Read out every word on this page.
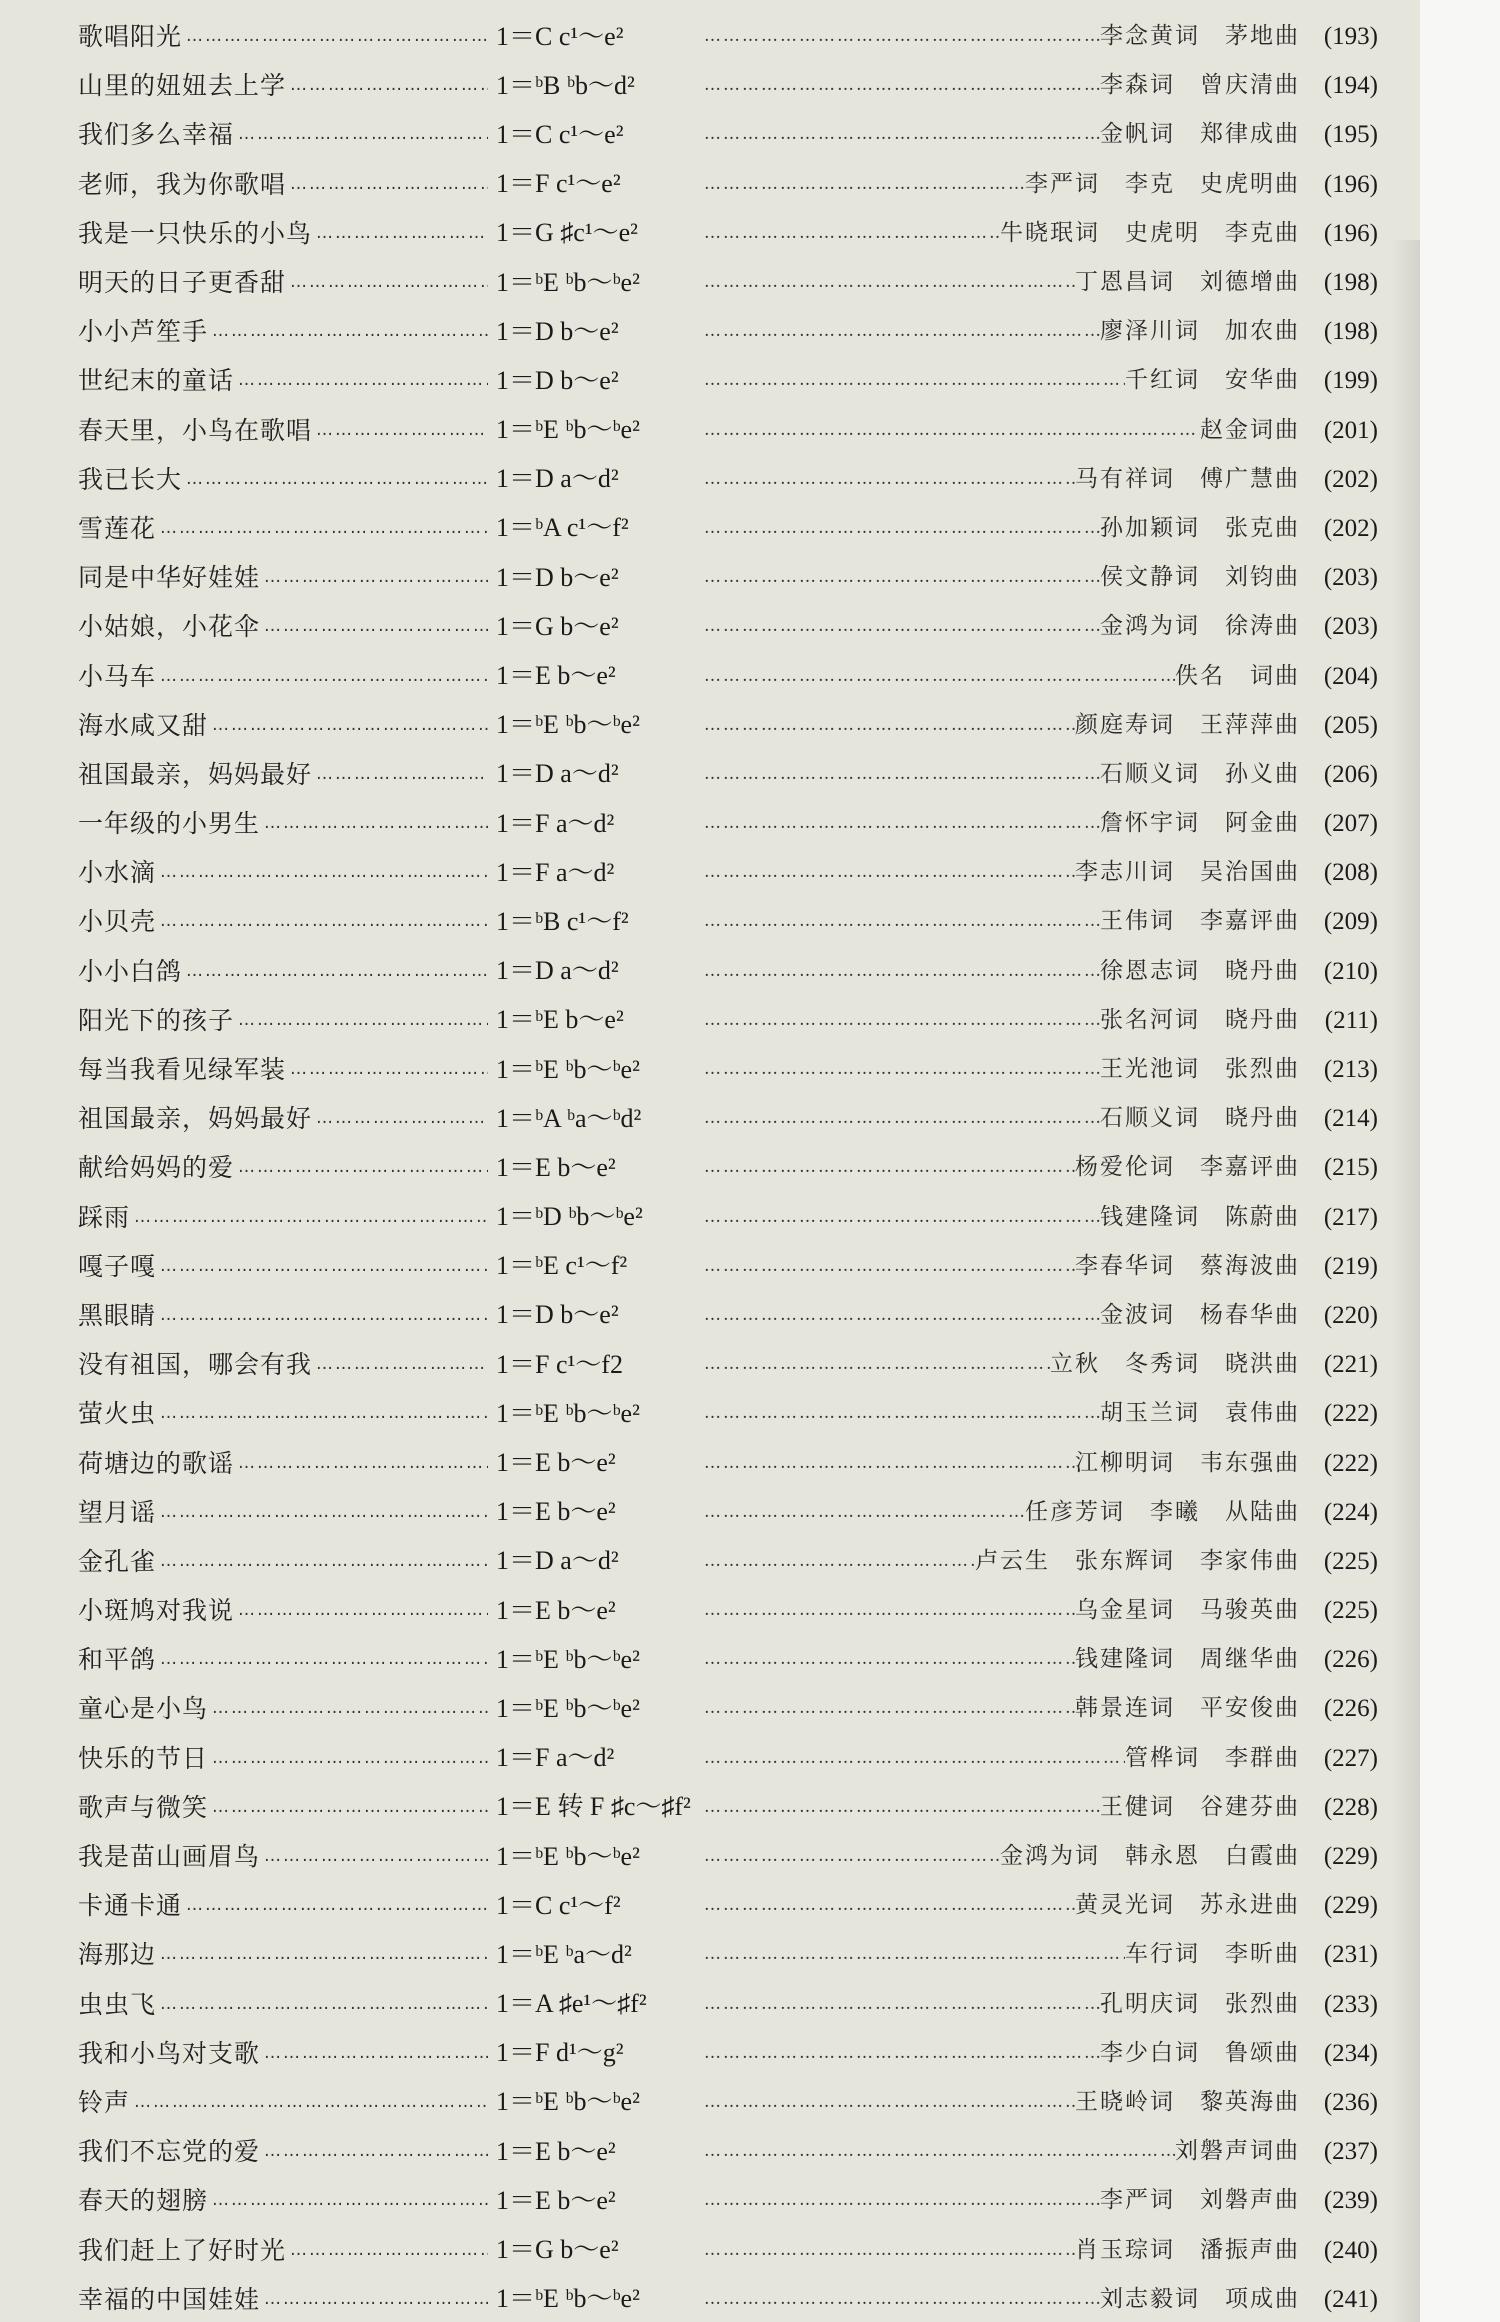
歌唱阳光 …………………………………………………………………………………………………………………	1＝C c¹～e² …………………………………………………………………………………………………………………………………………………………………	李念黄词　茅地曲 (193)
山里的妞妞去上学 …………………………………………………………………………………………………………………	1＝ᵇB ᵇb～d² …………………………………………………………………………………………………………………………………………………………………	李森词　曾庆清曲 (194)
我们多么幸福 …………………………………………………………………………………………………………………	1＝C c¹～e² …………………………………………………………………………………………………………………………………………………………………	金帆词　郑律成曲 (195)
老师，我为你歌唱 …………………………………………………………………………………………………………………	1＝F c¹～e² …………………………………………………………………………………………………………………………………………………………………	李严词　李克　史虎明曲 (196)
我是一只快乐的小鸟 …………………………………………………………………………………………………………………	1＝G ♯c¹～e² …………………………………………………………………………………………………………………………………………………………………	牛晓珉词　史虎明　李克曲 (196)
明天的日子更香甜 …………………………………………………………………………………………………………………	1＝ᵇE ᵇb～ᵇe² …………………………………………………………………………………………………………………………………………………………………	丁恩昌词　刘德增曲 (198)
小小芦笙手 …………………………………………………………………………………………………………………	1＝D b～e² …………………………………………………………………………………………………………………………………………………………………	廖泽川词　加农曲 (198)
世纪末的童话 …………………………………………………………………………………………………………………	1＝D b～e² …………………………………………………………………………………………………………………………………………………………………	千红词　安华曲 (199)
春天里，小鸟在歌唱 …………………………………………………………………………………………………………………	1＝ᵇE ᵇb～ᵇe² …………………………………………………………………………………………………………………………………………………………………	赵金词曲 (201)
我已长大 …………………………………………………………………………………………………………………	1＝D a～d² …………………………………………………………………………………………………………………………………………………………………	马有祥词　傅广慧曲 (202)
雪莲花 …………………………………………………………………………………………………………………	1＝ᵇA c¹～f² …………………………………………………………………………………………………………………………………………………………………	孙加颖词　张克曲 (202)
同是中华好娃娃 …………………………………………………………………………………………………………………	1＝D b～e² …………………………………………………………………………………………………………………………………………………………………	侯文静词　刘钧曲 (203)
小姑娘，小花伞 …………………………………………………………………………………………………………………	1＝G b～e² …………………………………………………………………………………………………………………………………………………………………	金鸿为词　徐涛曲 (203)
小马车 …………………………………………………………………………………………………………………	1＝E b～e² …………………………………………………………………………………………………………………………………………………………………	佚名　词曲 (204)
海水咸又甜 …………………………………………………………………………………………………………………	1＝ᵇE ᵇb～ᵇe² …………………………………………………………………………………………………………………………………………………………………	颜庭寿词　王萍萍曲 (205)
祖国最亲，妈妈最好 …………………………………………………………………………………………………………………	1＝D a～d² …………………………………………………………………………………………………………………………………………………………………	石顺义词　孙义曲 (206)
一年级的小男生 …………………………………………………………………………………………………………………	1＝F a～d² …………………………………………………………………………………………………………………………………………………………………	詹怀宇词　阿金曲 (207)
小水滴 …………………………………………………………………………………………………………………	1＝F a～d² …………………………………………………………………………………………………………………………………………………………………	李志川词　吴治国曲 (208)
小贝壳 …………………………………………………………………………………………………………………	1＝ᵇB c¹～f² …………………………………………………………………………………………………………………………………………………………………	王伟词　李嘉评曲 (209)
小小白鸽 …………………………………………………………………………………………………………………	1＝D a～d² …………………………………………………………………………………………………………………………………………………………………	徐恩志词　晓丹曲 (210)
阳光下的孩子 …………………………………………………………………………………………………………………	1＝ᵇE b～e² …………………………………………………………………………………………………………………………………………………………………	张名河词　晓丹曲 (211)
每当我看见绿军装 …………………………………………………………………………………………………………………	1＝ᵇE ᵇb～ᵇe² …………………………………………………………………………………………………………………………………………………………………	王光池词　张烈曲 (213)
祖国最亲，妈妈最好 …………………………………………………………………………………………………………………	1＝ᵇA ᵇa～ᵇd² …………………………………………………………………………………………………………………………………………………………………	石顺义词　晓丹曲 (214)
献给妈妈的爱 …………………………………………………………………………………………………………………	1＝E b～e² …………………………………………………………………………………………………………………………………………………………………	杨爱伦词　李嘉评曲 (215)
踩雨 …………………………………………………………………………………………………………………	1＝ᵇD ᵇb～ᵇe² …………………………………………………………………………………………………………………………………………………………………	钱建隆词　陈蔚曲 (217)
嘎子嘎 …………………………………………………………………………………………………………………	1＝ᵇE c¹～f² …………………………………………………………………………………………………………………………………………………………………	李春华词　蔡海波曲 (219)
黑眼睛 …………………………………………………………………………………………………………………	1＝D b～e² …………………………………………………………………………………………………………………………………………………………………	金波词　杨春华曲 (220)
没有祖国，哪会有我 …………………………………………………………………………………………………………………	1＝F c¹～f2 …………………………………………………………………………………………………………………………………………………………………	立秋　冬秀词　晓洪曲 (221)
萤火虫 …………………………………………………………………………………………………………………	1＝ᵇE ᵇb～ᵇe² …………………………………………………………………………………………………………………………………………………………………	胡玉兰词　袁伟曲 (222)
荷塘边的歌谣 …………………………………………………………………………………………………………………	1＝E b～e² …………………………………………………………………………………………………………………………………………………………………	江柳明词　韦东强曲 (222)
望月谣 …………………………………………………………………………………………………………………	1＝E b～e² …………………………………………………………………………………………………………………………………………………………………	任彦芳词　李曦　从陆曲 (224)
金孔雀 …………………………………………………………………………………………………………………	1＝D a～d² …………………………………………………………………………………………………………………………………………………………………	卢云生　张东辉词　李家伟曲 (225)
小斑鸠对我说 …………………………………………………………………………………………………………………	1＝E b～e² …………………………………………………………………………………………………………………………………………………………………	乌金星词　马骏英曲 (225)
和平鸽 …………………………………………………………………………………………………………………	1＝ᵇE ᵇb～ᵇe² …………………………………………………………………………………………………………………………………………………………………	钱建隆词　周继华曲 (226)
童心是小鸟 …………………………………………………………………………………………………………………	1＝ᵇE ᵇb～ᵇe² …………………………………………………………………………………………………………………………………………………………………	韩景连词　平安俊曲 (226)
快乐的节日 …………………………………………………………………………………………………………………	1＝F a～d² …………………………………………………………………………………………………………………………………………………………………	管桦词　李群曲 (227)
歌声与微笑 …………………………………………………………………………………………………………………	1＝E 转 F ♯c～♯f² …………………………………………………………………………………………………………………………………………………………………	王健词　谷建芬曲 (228)
我是苗山画眉鸟 …………………………………………………………………………………………………………………	1＝ᵇE ᵇb～ᵇe² …………………………………………………………………………………………………………………………………………………………………	金鸿为词　韩永恩　白霞曲 (229)
卡通卡通 …………………………………………………………………………………………………………………	1＝C c¹～f² …………………………………………………………………………………………………………………………………………………………………	黄灵光词　苏永进曲 (229)
海那边 …………………………………………………………………………………………………………………	1＝ᵇE ᵇa～d² …………………………………………………………………………………………………………………………………………………………………	车行词　李昕曲 (231)
虫虫飞 …………………………………………………………………………………………………………………	1＝A ♯e¹～♯f² …………………………………………………………………………………………………………………………………………………………………	孔明庆词　张烈曲 (233)
我和小鸟对支歌 …………………………………………………………………………………………………………………	1＝F d¹～g² …………………………………………………………………………………………………………………………………………………………………	李少白词　鲁颂曲 (234)
铃声 …………………………………………………………………………………………………………………	1＝ᵇE ᵇb～ᵇe² …………………………………………………………………………………………………………………………………………………………………	王晓岭词　黎英海曲 (236)
我们不忘党的爱 …………………………………………………………………………………………………………………	1＝E b～e² …………………………………………………………………………………………………………………………………………………………………	刘磐声词曲 (237)
春天的翅膀 …………………………………………………………………………………………………………………	1＝E b～e² …………………………………………………………………………………………………………………………………………………………………	李严词　刘磐声曲 (239)
我们赶上了好时光 …………………………………………………………………………………………………………………	1＝G b～e² …………………………………………………………………………………………………………………………………………………………………	肖玉琮词　潘振声曲 (240)
幸福的中国娃娃 …………………………………………………………………………………………………………………	1＝ᵇE ᵇb～ᵇe² …………………………………………………………………………………………………………………………………………………………………	刘志毅词　项成曲 (241)
